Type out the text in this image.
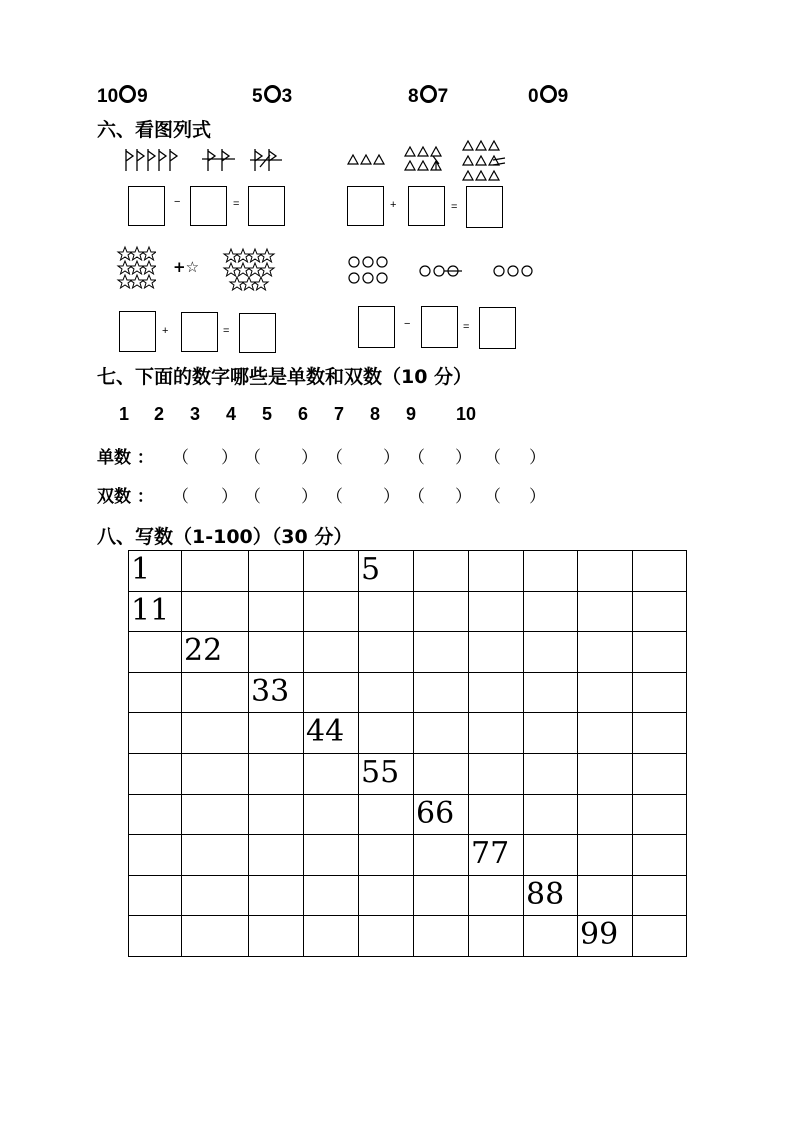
10 9	5 3	8 7	0 9
六、看图列式
−	=	+	=
+☆
+	=
−	=
七、下面的数字哪些是单数和双数（10 分）
1 2 3 4 5 6 7 8 9 10
单数 ： （ ） （ ） （ ） （ ） （ ）
双数 ： （ ） （ ） （ ） （ ） （ ）
八、写数（1-100）（30 分）
1				5					
11									
	22								
		33							
			44						
				55					
					66				
						77			
							88		
								99	
